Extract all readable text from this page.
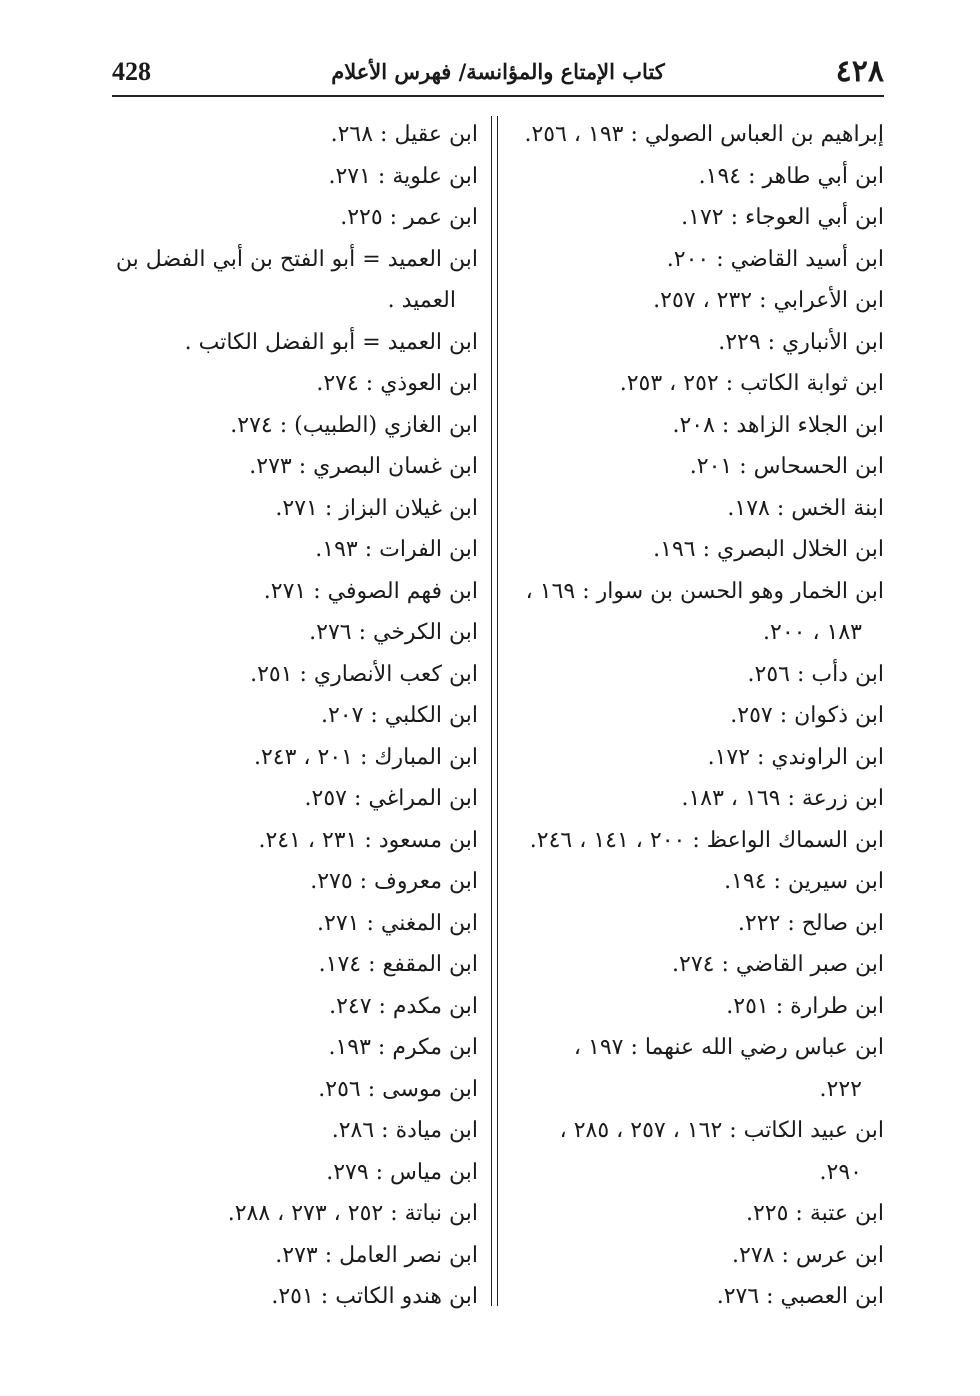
٤٢٨
كتاب الإمتاع والمؤانسة/ فهرس الأعلام
428
إبراهيم بن العباس الصولي : ١٩٣ ، ٢٥٦.
ابن أبي طاهر : ١٩٤.
ابن أبي العوجاء : ١٧٢.
ابن أسيد القاضي : ٢٠٠.
ابن الأعرابي : ٢٣٢ ، ٢٥٧.
ابن الأنباري : ٢٢٩.
ابن ثوابة الكاتب : ٢٥٢ ، ٢٥٣.
ابن الجلاء الزاهد : ٢٠٨.
ابن الحسحاس : ٢٠١.
ابنة الخس : ١٧٨.
ابن الخلال البصري : ١٩٦.
ابن الخمار وهو الحسن بن سوار : ١٦٩ ،
١٨٣ ، ٢٠٠.
ابن دأب : ٢٥٦.
ابن ذكوان : ٢٥٧.
ابن الراوندي : ١٧٢.
ابن زرعة : ١٦٩ ، ١٨٣.
ابن السماك الواعظ : ٢٠٠ ، ١٤١ ، ٢٤٦.
ابن سيرين : ١٩٤.
ابن صالح : ٢٢٢.
ابن صبر القاضي : ٢٧٤.
ابن طرارة : ٢٥١.
ابن عباس رضي الله عنهما : ١٩٧ ،
٢٢٢.
ابن عبيد الكاتب : ١٦٢ ، ٢٥٧ ، ٢٨٥ ،
٢٩٠.
ابن عتبة : ٢٢٥.
ابن عرس : ٢٧٨.
ابن العصبي : ٢٧٦.
ابن عقيل : ٢٦٨.
ابن علوية : ٢٧١.
ابن عمر : ٢٢٥.
ابن العميد = أبو الفتح بن أبي الفضل بن
العميد .
ابن العميد = أبو الفضل الكاتب .
ابن العوذي : ٢٧٤.
ابن الغازي (الطبيب) : ٢٧٤.
ابن غسان البصري : ٢٧٣.
ابن غيلان البزاز : ٢٧١.
ابن الفرات : ١٩٣.
ابن فهم الصوفي : ٢٧١.
ابن الكرخي : ٢٧٦.
ابن كعب الأنصاري : ٢٥١.
ابن الكلبي : ٢٠٧.
ابن المبارك : ٢٠١ ، ٢٤٣.
ابن المراغي : ٢٥٧.
ابن مسعود : ٢٣١ ، ٢٤١.
ابن معروف : ٢٧٥.
ابن المغني : ٢٧١.
ابن المقفع : ١٧٤.
ابن مكدم : ٢٤٧.
ابن مكرم : ١٩٣.
ابن موسى : ٢٥٦.
ابن ميادة : ٢٨٦.
ابن مياس : ٢٧٩.
ابن نباتة : ٢٥٢ ، ٢٧٣ ، ٢٨٨.
ابن نصر العامل : ٢٧٣.
ابن هندو الكاتب : ٢٥١.
